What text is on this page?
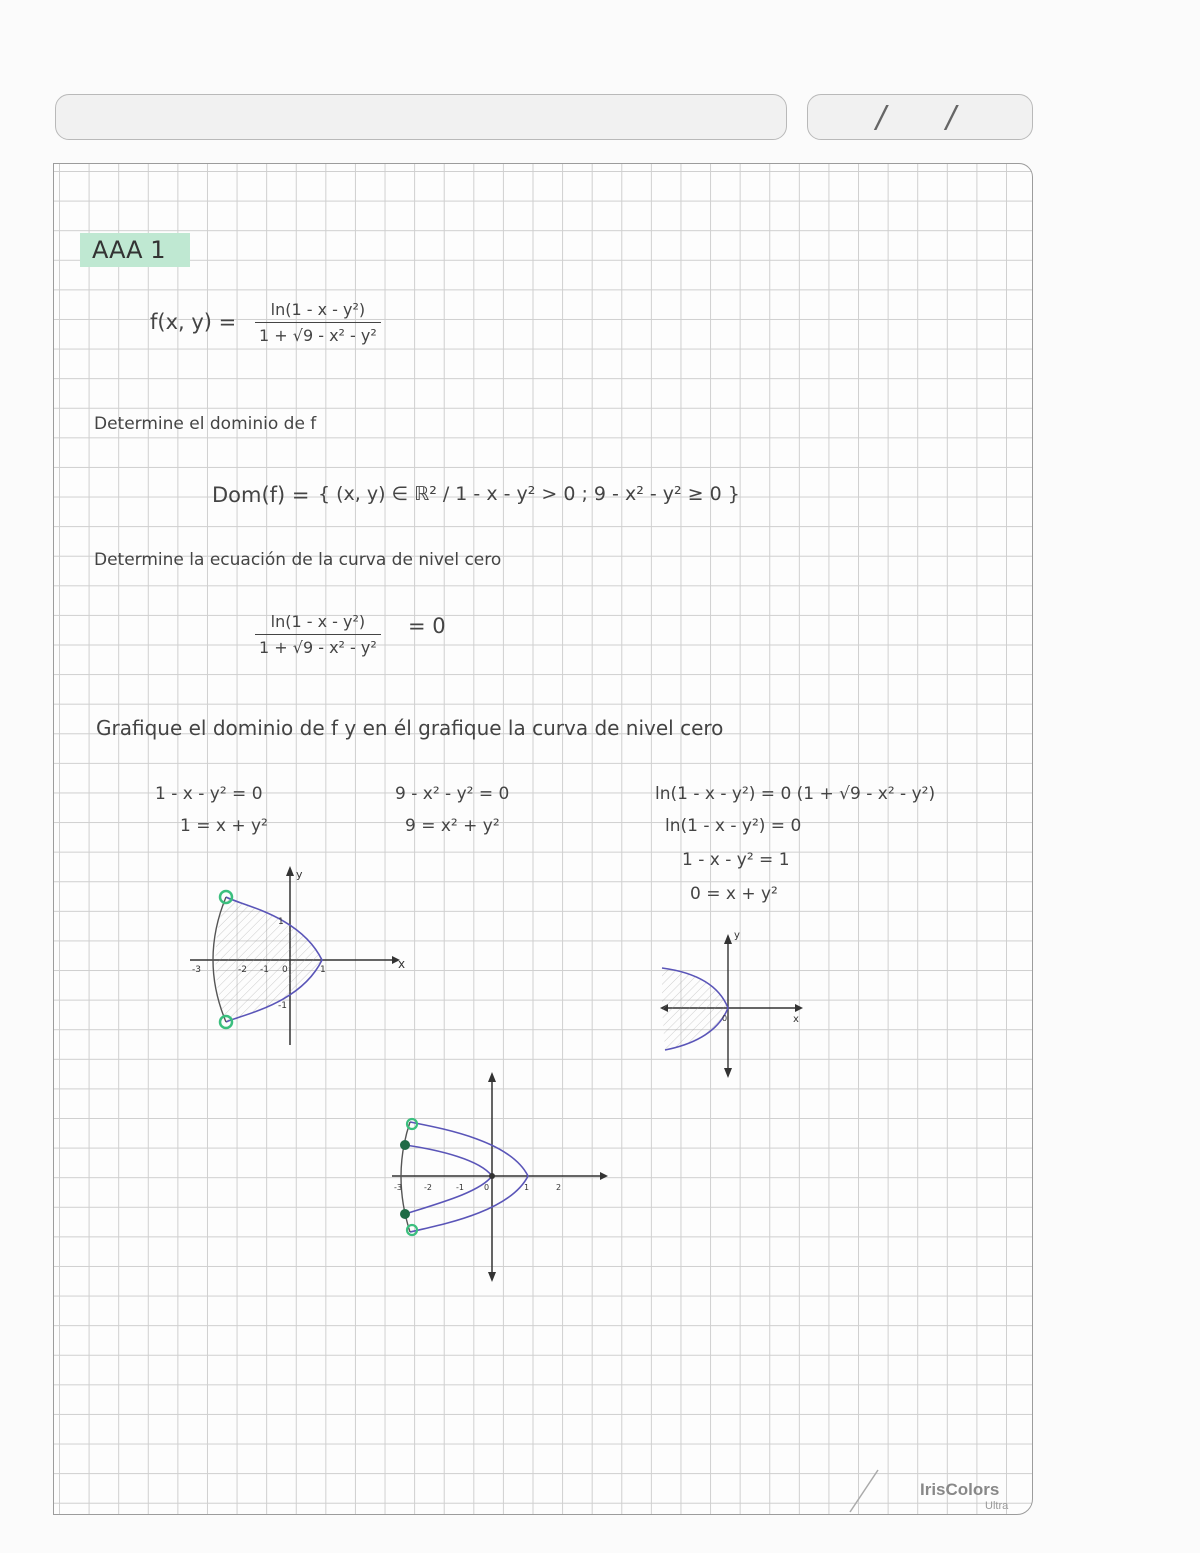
/ /
AAA 1
f(x, $y) = \frac{\text{ln(1 - x - y²)}}{\text{1 + √9 - x² - y²}}$
Determine el dominio de f
Dom(f) = { (x, y) ∈ ℝ² / 1 - x - y² > 0 ; 9 - x² - y² ≥ 0 }
Determine la ecuación de la curva de nivel cero
$\frac{\text{ln(1 - x - y²)}}{\text{1 + √9 - x² - y²}} = 0$
Grafique el dominio de f y en él grafique la curva de nivel cero
1 - x - y² = 0
1 = x + y²
9 - x² - y² = 0
9 = x² + y²
ln(1 - x - y²) = 0 (1 + √9 - x² - y²)
ln(1 - x - y²) = 0
1 - x - y² = 1
0 = x + y²
x
y
-3	-2 -1 0	1
1
-1
x
y
0
-3	-2	-1	0	1	2
IrisColors
Ultra
